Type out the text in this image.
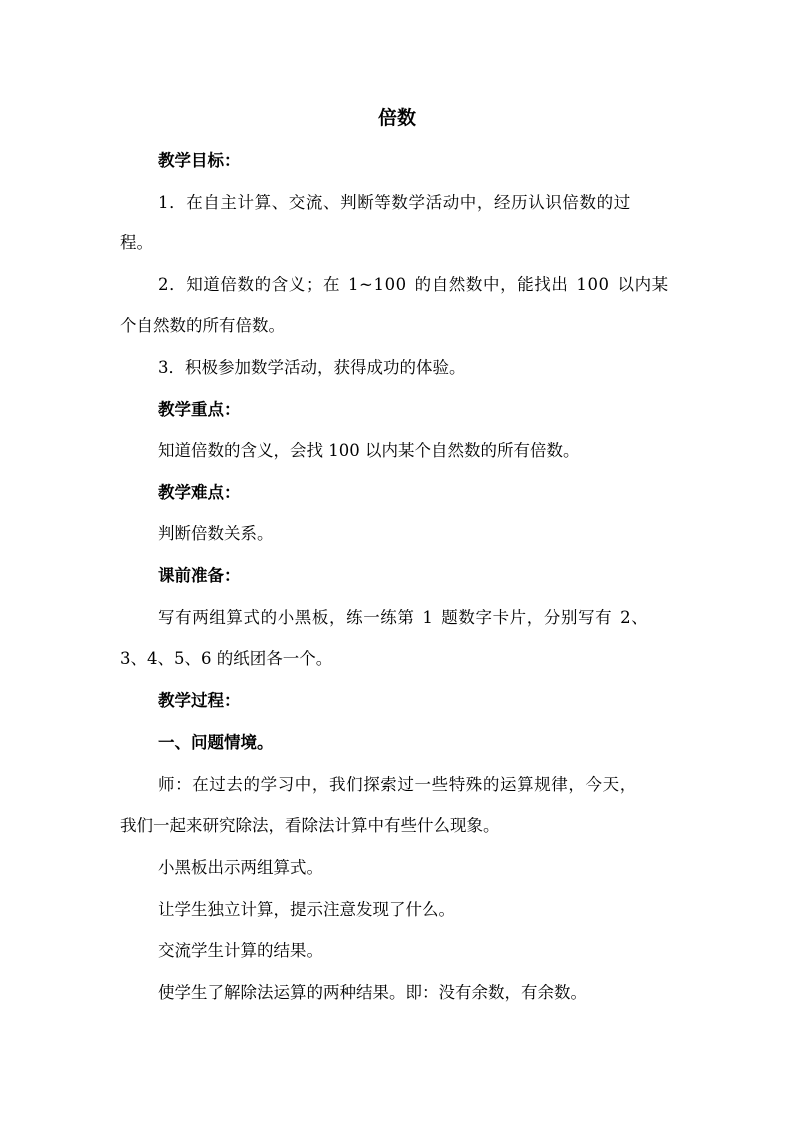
倍数
教学目标：
1．在自主计算、交流、判断等数学活动中，经历认识倍数的过
程。
2．知道倍数的含义；在 1~100 的自然数中，能找出 100 以内某
个自然数的所有倍数。
3．积极参加数学活动，获得成功的体验。
教学重点：
知道倍数的含义，会找 100 以内某个自然数的所有倍数。
教学难点：
判断倍数关系。
课前准备：
写有两组算式的小黑板，练一练第 1 题数字卡片，分别写有 2、
3、4、5、6 的纸团各一个。
教学过程：
一、问题情境。
师：在过去的学习中，我们探索过一些特殊的运算规律，今天，
我们一起来研究除法，看除法计算中有些什么现象。
小黑板出示两组算式。
让学生独立计算，提示注意发现了什么。
交流学生计算的结果。
使学生了解除法运算的两种结果。即：没有余数，有余数。
